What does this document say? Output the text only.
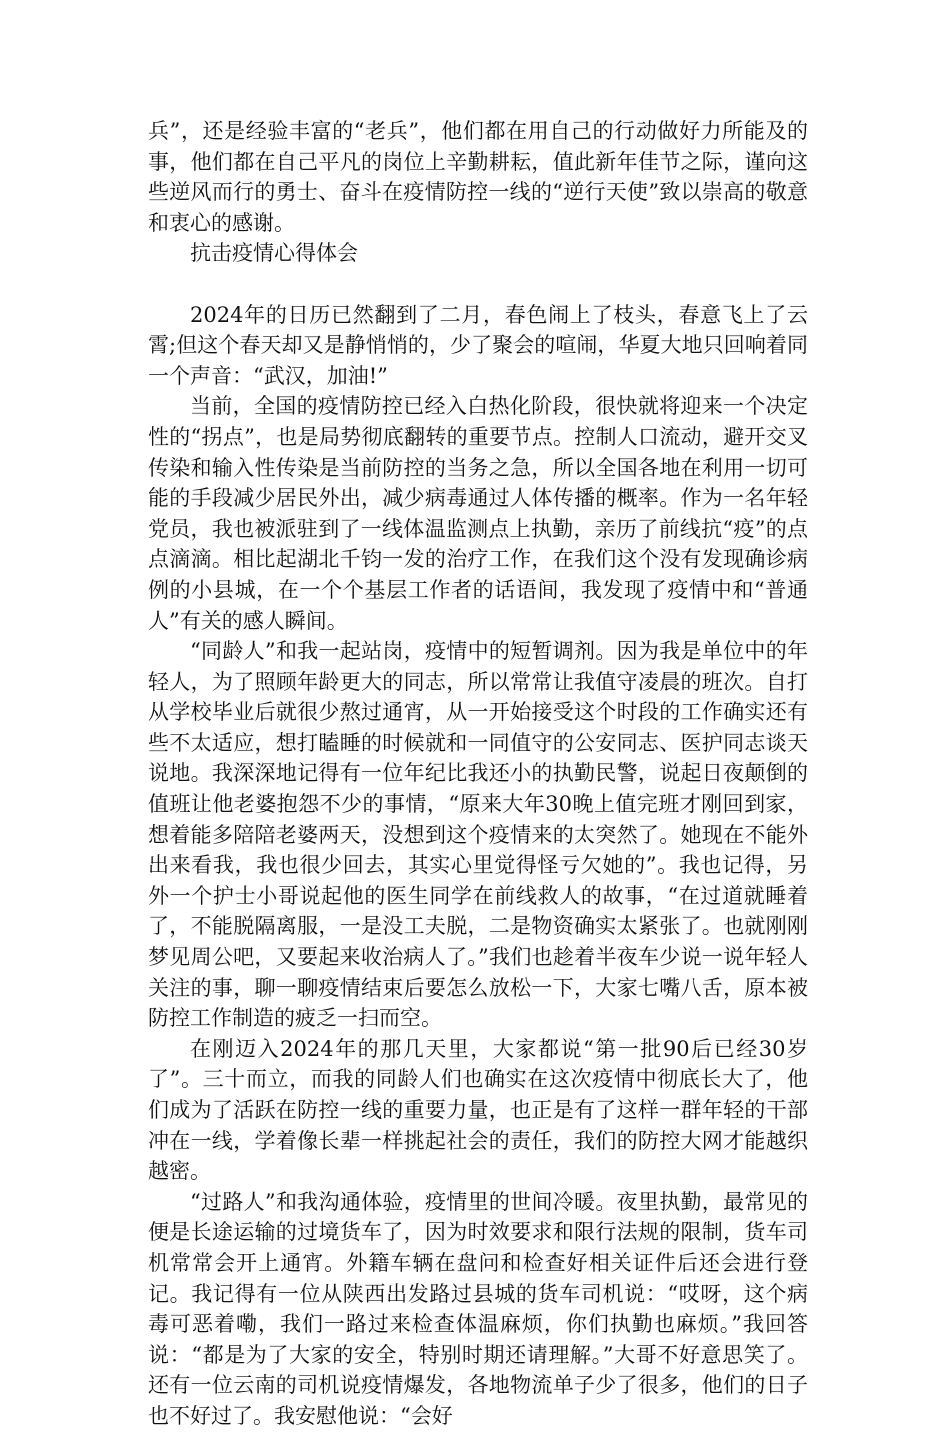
兵”，还是经验丰富的“老兵”，他们都在用自己的行动做好力所能及的事，他们都在自己平凡的岗位上辛勤耕耘，值此新年佳节之际，谨向这些逆风而行的勇士、奋斗在疫情防控一线的“逆行天使”致以崇高的敬意和衷心的感谢。

抗击疫情心得体会

2024年的日历已然翻到了二月，春色闹上了枝头，春意飞上了云霄;但这个春天却又是静悄悄的，少了聚会的喧闹，华夏大地只回响着同一个声音：“武汉，加油!”

当前，全国的疫情防控已经入白热化阶段，很快就将迎来一个决定性的“拐点”，也是局势彻底翻转的重要节点。控制人口流动，避开交叉传染和输入性传染是当前防控的当务之急，所以全国各地在利用一切可能的手段减少居民外出，减少病毒通过人体传播的概率。作为一名年轻党员，我也被派驻到了一线体温监测点上执勤，亲历了前线抗“疫”的点点滴滴。相比起湖北千钧一发的治疗工作，在我们这个没有发现确诊病例的小县城，在一个个基层工作者的话语间，我发现了疫情中和“普通人”有关的感人瞬间。

“同龄人”和我一起站岗，疫情中的短暂调剂。因为我是单位中的年轻人，为了照顾年龄更大的同志，所以常常让我值守凌晨的班次。自打从学校毕业后就很少熬过通宵，从一开始接受这个时段的工作确实还有些不太适应，想打瞌睡的时候就和一同值守的公安同志、医护同志谈天说地。我深深地记得有一位年纪比我还小的执勤民警，说起日夜颠倒的值班让他老婆抱怨不少的事情，“原来大年30晚上值完班才刚回到家，想着能多陪陪老婆两天，没想到这个疫情来的太突然了。她现在不能外出来看我，我也很少回去，其实心里觉得怪亏欠她的”。我也记得，另外一个护士小哥说起他的医生同学在前线救人的故事，“在过道就睡着了，不能脱隔离服，一是没工夫脱，二是物资确实太紧张了。也就刚刚梦见周公吧，又要起来收治病人了。”我们也趁着半夜车少说一说年轻人关注的事，聊一聊疫情结束后要怎么放松一下，大家七嘴八舌，原本被防控工作制造的疲乏一扫而空。

在刚迈入2024年的那几天里，大家都说“第一批90后已经30岁了”。三十而立，而我的同龄人们也确实在这次疫情中彻底长大了，他们成为了活跃在防控一线的重要力量，也正是有了这样一群年轻的干部冲在一线，学着像长辈一样挑起社会的责任，我们的防控大网才能越织越密。

“过路人”和我沟通体验，疫情里的世间冷暖。夜里执勤，最常见的便是长途运输的过境货车了，因为时效要求和限行法规的限制，货车司机常常会开上通宵。外籍车辆在盘问和检查好相关证件后还会进行登记。我记得有一位从陕西出发路过县城的货车司机说：“哎呀，这个病毒可恶着嘞，我们一路过来检查体温麻烦，你们执勤也麻烦。”我回答说：“都是为了大家的安全，特别时期还请理解。”大哥不好意思笑了。还有一位云南的司机说疫情爆发，各地物流单子少了很多，他们的日子也不好过了。我安慰他说：“会好
